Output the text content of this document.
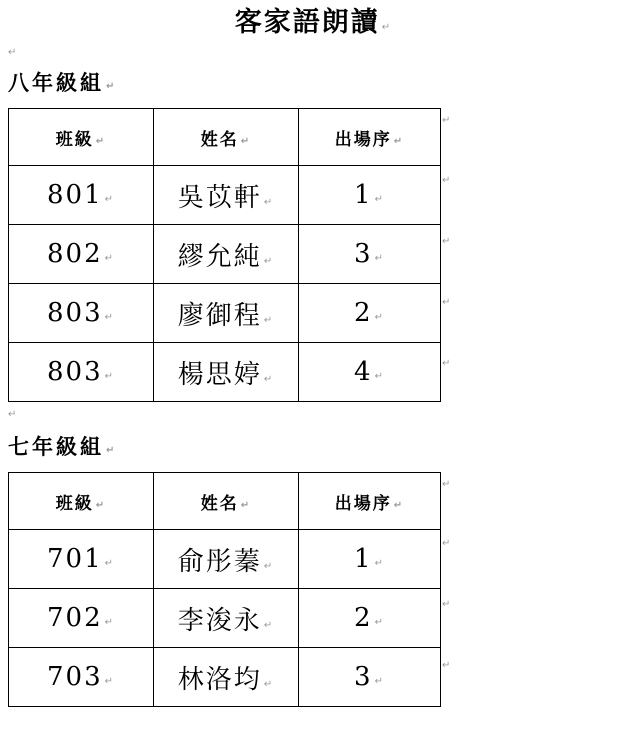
客家語朗讀 ↵
↵
八年級組 ↵
班級 ↵	姓名 ↵	出場序 ↵
801 ↵	吳苡軒 ↵	1 ↵
802 ↵	繆允純 ↵	3 ↵
803 ↵	廖御程 ↵	2 ↵
803 ↵	楊思婷 ↵	4 ↵
↵
↵
↵
↵
↵
↵
七年級組 ↵
班級 ↵	姓名 ↵	出場序 ↵
701 ↵	俞彤蓁 ↵	1 ↵
702 ↵	李浚永 ↵	2 ↵
703 ↵	林洛均 ↵	3 ↵
↵
↵
↵
↵
